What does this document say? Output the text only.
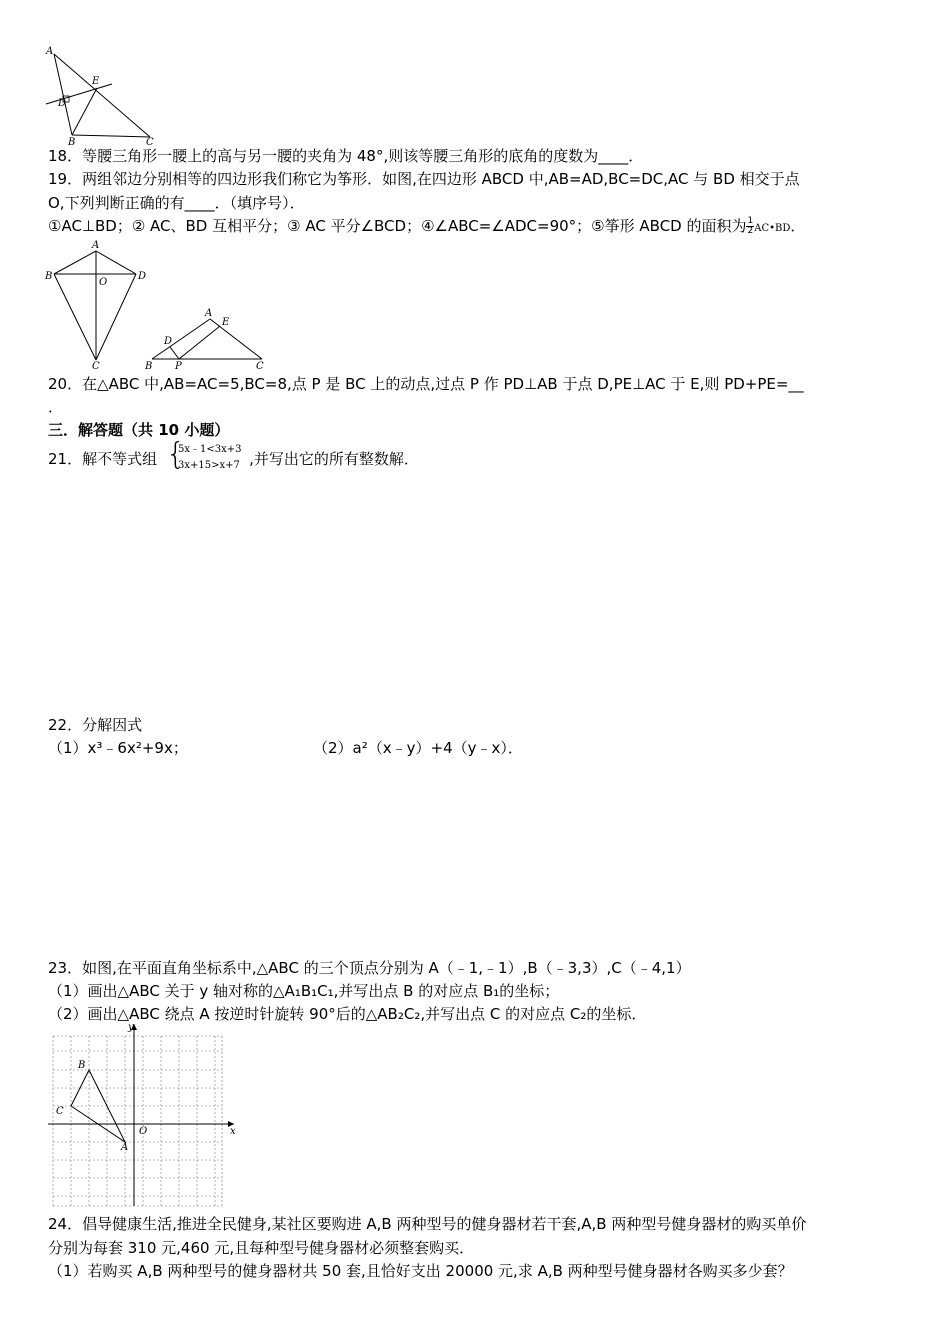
A
E
D
B	C
18．等腰三角形一腰上的高与另一腰的夹角为 48°,则该等腰三角形的底角的度数为____．
19．两组邻边分别相等的四边形我们称它为筝形．如图,在四边形 ABCD 中,AB=AD,BC=DC,AC 与 BD 相交于点
O,下列判断正确的有____．（填序号）．
①AC⊥BD；② AC、BD 互相平分；③ AC 平分∠BCD；④∠ABC=∠ADC=90°；⑤筝形 ABCD 的面积为 $\frac{1}{2}$ AC•BD．
A
B	D
O
C
A
E
D
B P	C
20．在△ABC 中,AB=AC=5,BC=8,点 P 是 BC 上的动点,过点 P 作 PD⊥AB 于点 D,PE⊥AC 于 E,则 PD+PE=__
．
三．解答题（共 10 小题）
21．解不等式组	,并写出它的所有整数解．
{
5x﹣1<3x+3
3x+15>x+7
22．分解因式
（1）x³﹣6x²+9x；	（2）a²（x﹣y）+4（y﹣x）．
23．如图,在平面直角坐标系中,△ABC 的三个顶点分别为 A（﹣1,﹣1）,B（﹣3,3）,C（﹣4,1）
（1）画出△ABC 关于 y 轴对称的△A₁B₁C₁,并写出点 B 的对应点 B₁的坐标；
（2）画出△ABC 绕点 A 按逆时针旋转 90°后的△AB₂C₂,并写出点 C 的对应点 C₂的坐标．
y
x
O
A
B
C
24．倡导健康生活,推进全民健身,某社区要购进 A,B 两种型号的健身器材若干套,A,B 两种型号健身器材的购买单价
分别为每套 310 元,460 元,且每种型号健身器材必须整套购买．
（1）若购买 A,B 两种型号的健身器材共 50 套,且恰好支出 20000 元,求 A,B 两种型号健身器材各购买多少套？
